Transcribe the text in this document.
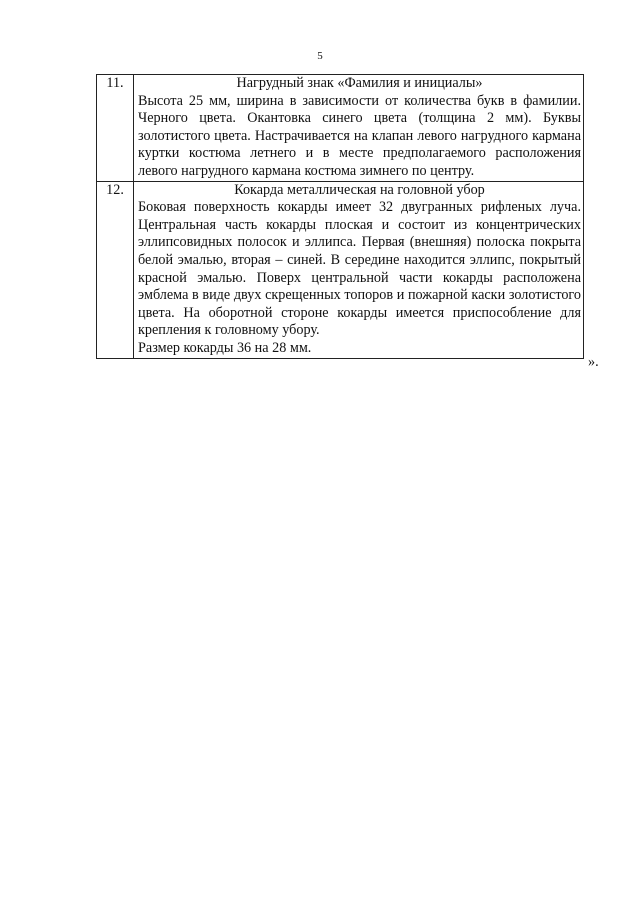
5
11.	Нагрудный знак «Фамилия и инициалы»
Высота 25 мм, ширина в зависимости от количества букв в фамилии. Черного цвета. Окантовка синего цвета (толщина 2 мм). Буквы золотистого цвета. Настрачивается на клапан левого нагрудного кармана куртки костюма летнего и в месте предполагаемого расположения левого нагрудного кармана костюма зимнего по центру.

12.	Кокарда металлическая на головной убор
Боковая поверхность кокарды имеет 32 двугранных рифленых луча. Центральная часть кокарды плоская и состоит из концентрических эллипсовидных полосок и эллипса. Первая (внешняя) полоска покрыта белой эмалью, вторая – синей. В середине находится эллипс, покрытый красной эмалью. Поверх центральной части кокарды расположена эмблема в виде двух скрещенных топоров и пожарной каски золотистого цвета. На оборотной стороне кокарды имеется приспособление для крепления к головному убору.
Размер кокарды 36 на 28 мм.
».
